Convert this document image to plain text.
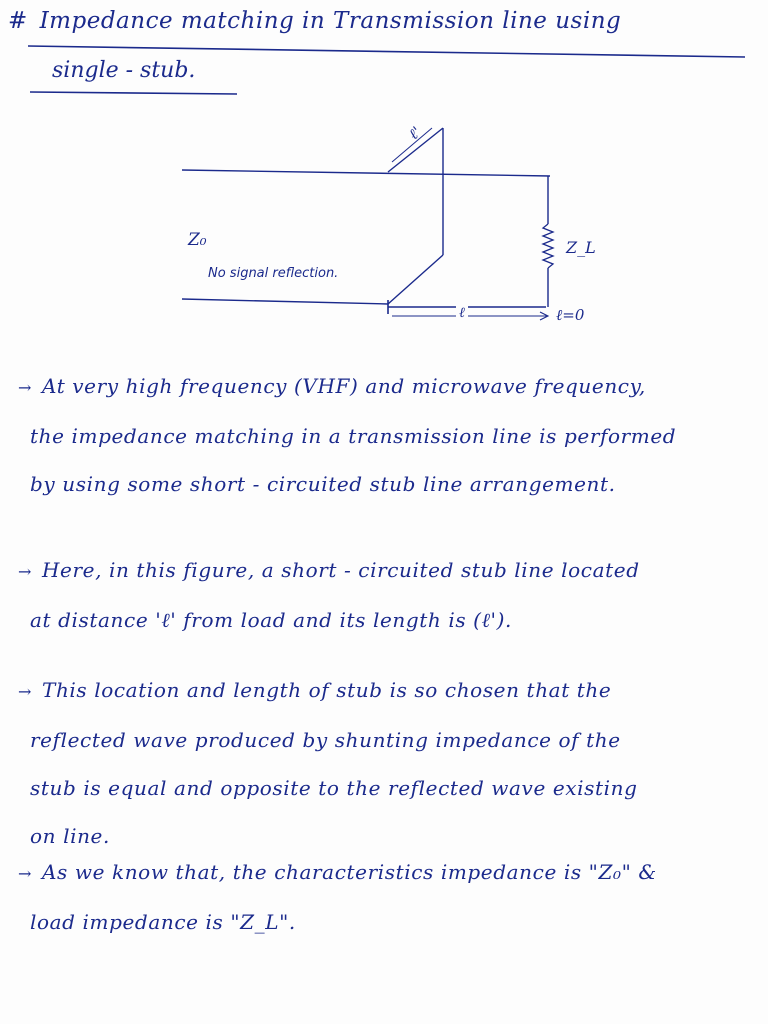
# Impedance matching in Transmission line using
single - stub.
ℓ'
Z₀
No signal reflection.
Z_L
ℓ	ℓ=0
→ At very high frequency (VHF) and microwave frequency,
the impedance matching in a transmission line is performed
by using some short - circuited stub line arrangement.
→ Here, in this figure, a short - circuited stub line located
at distance 'ℓ' from load and its length is (ℓ').
→ This location and length of stub is so chosen that the
reflected wave produced by shunting impedance of the
stub is equal and opposite to the reflected wave existing
on line.
→ As we know that, the characteristics impedance is "Z₀" &
load impedance is "Z_L".
